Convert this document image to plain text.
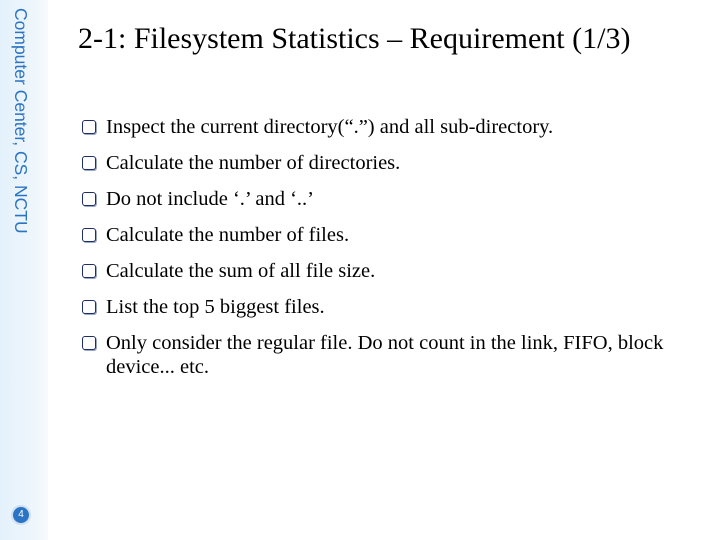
Computer Center, CS, NCTU
4
2-1: Filesystem Statistics – Requirement (1/3)
Inspect the current directory(“.”) and all sub-directory.
Calculate the number of directories.
Do not include ‘.’ and ‘..’
Calculate the number of files.
Calculate the sum of all file size.
List the top 5 biggest files.
Only consider the regular file. Do not count in the link, FIFO, block device... etc.
